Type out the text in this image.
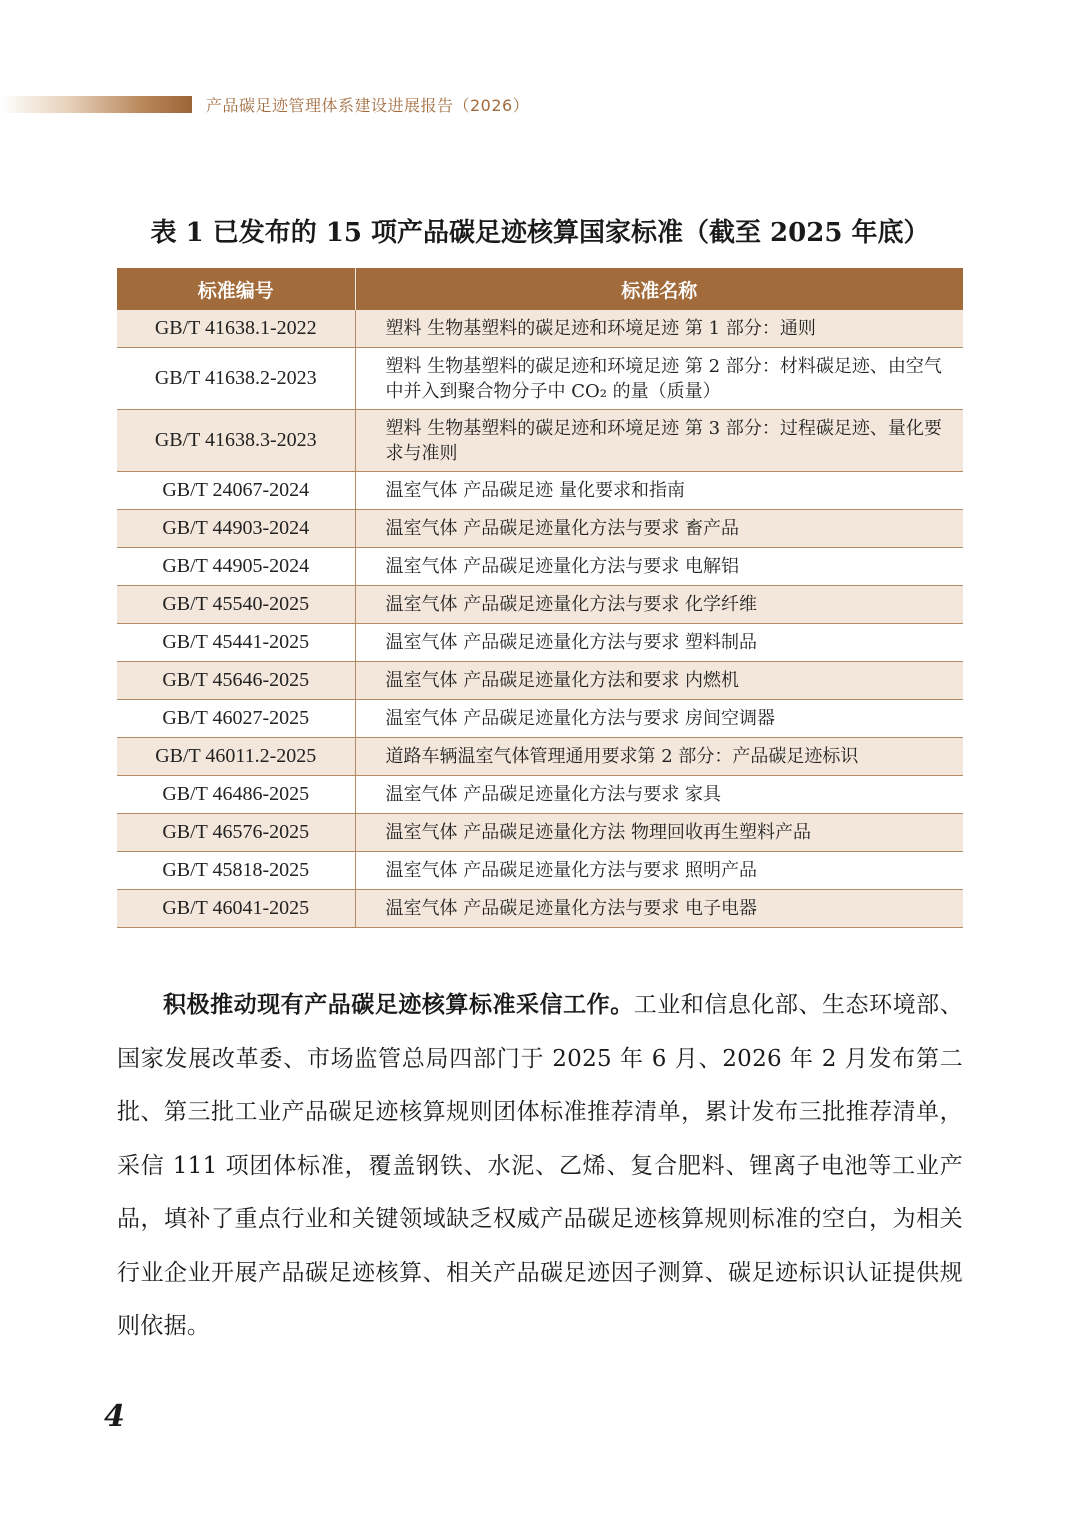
产品碳足迹管理体系建设进展报告（2026）
表 1 已发布的 15 项产品碳足迹核算国家标准（截至 2025 年底）
标准编号	标准名称
GB/T 41638.1-2022	塑料 生物基塑料的碳足迹和环境足迹 第 1 部分：通则
GB/T 41638.2-2023	塑料 生物基塑料的碳足迹和环境足迹 第 2 部分：材料碳足迹、由空气中并入到聚合物分子中 CO₂ 的量（质量）
GB/T 41638.3-2023	塑料 生物基塑料的碳足迹和环境足迹 第 3 部分：过程碳足迹、量化要求与准则
GB/T 24067-2024	温室气体 产品碳足迹 量化要求和指南
GB/T 44903-2024	温室气体 产品碳足迹量化方法与要求 畜产品
GB/T 44905-2024	温室气体 产品碳足迹量化方法与要求 电解铝
GB/T 45540-2025	温室气体 产品碳足迹量化方法与要求 化学纤维
GB/T 45441-2025	温室气体 产品碳足迹量化方法与要求 塑料制品
GB/T 45646-2025	温室气体 产品碳足迹量化方法和要求 内燃机
GB/T 46027-2025	温室气体 产品碳足迹量化方法与要求 房间空调器
GB/T 46011.2-2025	道路车辆温室气体管理通用要求第 2 部分：产品碳足迹标识
GB/T 46486-2025	温室气体 产品碳足迹量化方法与要求 家具
GB/T 46576-2025	温室气体 产品碳足迹量化方法 物理回收再生塑料产品
GB/T 45818-2025	温室气体 产品碳足迹量化方法与要求 照明产品
GB/T 46041-2025	温室气体 产品碳足迹量化方法与要求 电子电器

积极推动现有产品碳足迹核算标准采信工作。工业和信息化部、生态环境部、国家发展改革委、市场监管总局四部门于 2025 年 6 月、2026 年 2 月发布第二批、第三批工业产品碳足迹核算规则团体标准推荐清单，累计发布三批推荐清单，采信 111 项团体标准，覆盖钢铁、水泥、乙烯、复合肥料、锂离子电池等工业产品，填补了重点行业和关键领域缺乏权威产品碳足迹核算规则标准的空白，为相关行业企业开展产品碳足迹核算、相关产品碳足迹因子测算、碳足迹标识认证提供规则依据。

4
